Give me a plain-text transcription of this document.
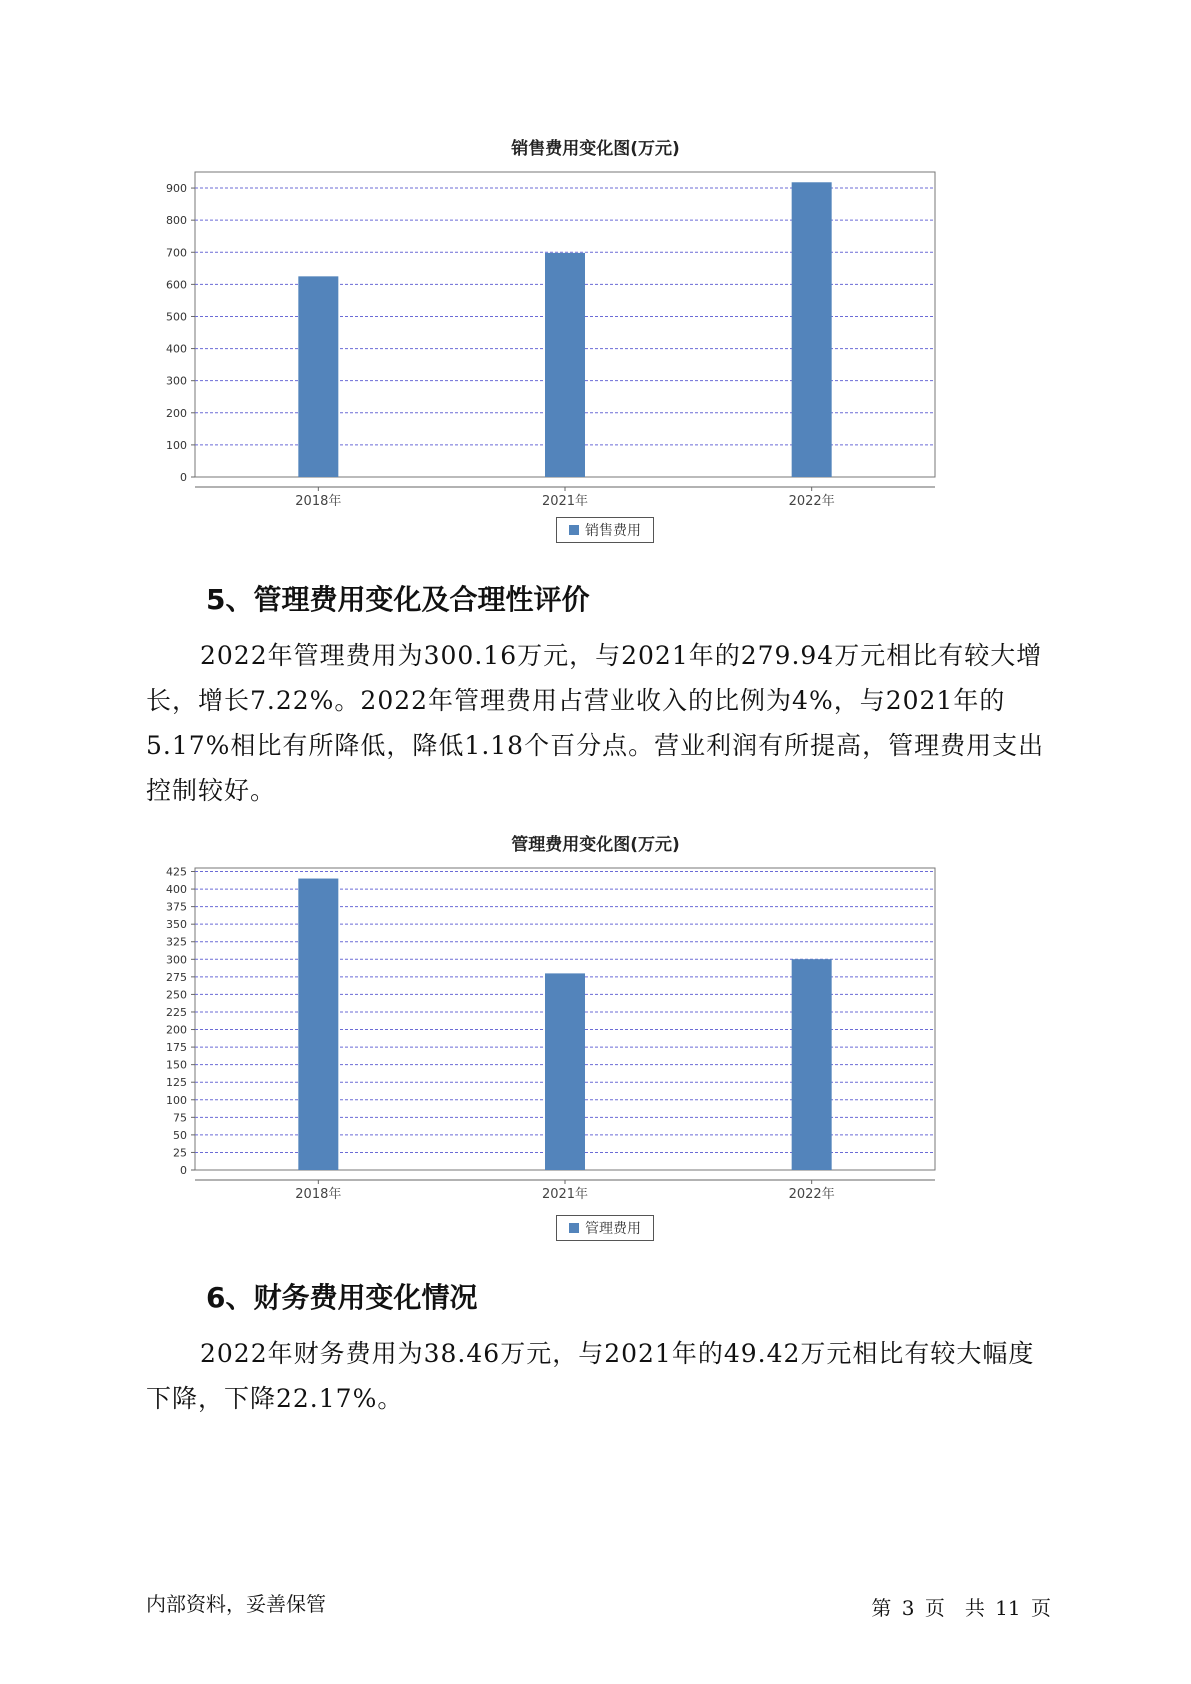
销售费用变化图(万元)
0
100
200
300
400
500
600
700
800
900
2018年	2021年	2022年
销售费用
5、管理费用变化及合理性评价

2022年管理费用为300.16万元，与2021年的279.94万元相比有较大增长，增长7.22%。2022年管理费用占营业收入的比例为4%，与2021年的5.17%相比有所降低，降低1.18个百分点。营业利润有所提高，管理费用支出控制较好。

管理费用变化图(万元)
0
25
50
75
100
125
150
175
200
225
250
275
300
325
350
375
400
425
2018年	2021年	2022年
管理费用
6、财务费用变化情况

2022年财务费用为38.46万元，与2021年的49.42万元相比有较大幅度下降，下降22.17%。

内部资料，妥善保管	第 3 页　共 11 页
